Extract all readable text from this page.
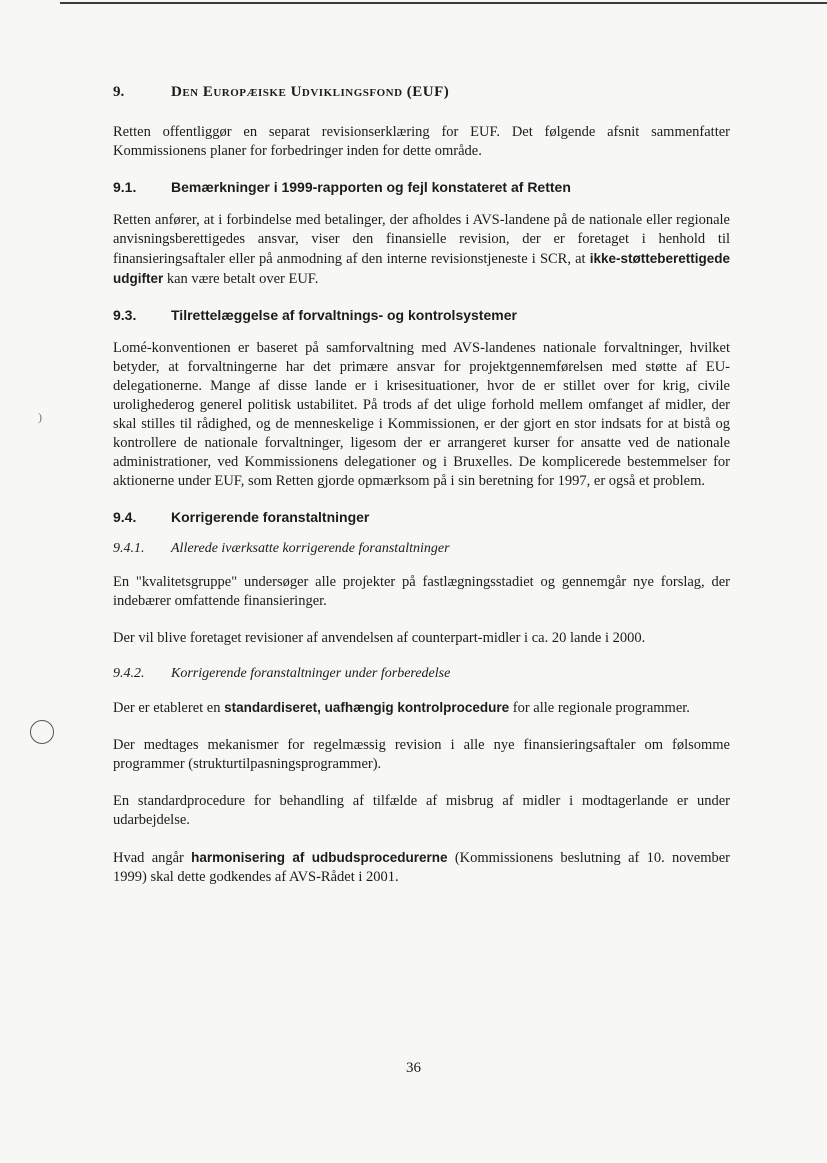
)
9.	Den Europæiske Udviklingsfond (EUF)

Retten offentliggør en separat revisionserklæring for EUF. Det følgende afsnit sammenfatter Kommissionens planer for forbedringer inden for dette område.

9.1.	Bemærkninger i 1999-rapporten og fejl konstateret af Retten

Retten anfører, at i forbindelse med betalinger, der afholdes i AVS-landene på de nationale eller regionale anvisningsberettigedes ansvar, viser den finansielle revision, der er foretaget i henhold til finansieringsaftaler eller på anmodning af den interne revisionstjeneste i SCR, at ikke-støtteberettigede udgifter kan være betalt over EUF.

9.3.	Tilrettelæggelse af forvaltnings- og kontrolsystemer

Lomé-konventionen er baseret på samforvaltning med AVS-landenes nationale forvaltninger, hvilket betyder, at forvaltningerne har det primære ansvar for projektgennemførelsen med støtte af EU-delegationerne. Mange af disse lande er i krisesituationer, hvor de er stillet over for krig, civile urolighederog generel politisk ustabilitet. På trods af det ulige forhold mellem omfanget af midler, der skal stilles til rådighed, og de menneskelige i Kommissionen, er der gjort en stor indsats for at bistå og kontrollere de nationale forvaltninger, ligesom der er arrangeret kurser for ansatte ved de nationale administrationer, ved Kommissionens delegationer og i Bruxelles. De komplicerede bestemmelser for aktionerne under EUF, som Retten gjorde opmærksom på i sin beretning for 1997, er også et problem.

9.4.	Korrigerende foranstaltninger
9.4.1.	Allerede iværksatte korrigerende foranstaltninger

En "kvalitetsgruppe" undersøger alle projekter på fastlægningsstadiet og gennemgår nye forslag, der indebærer omfattende finansieringer.

Der vil blive foretaget revisioner af anvendelsen af counterpart-midler i ca. 20 lande i 2000.

9.4.2.	Korrigerende foranstaltninger under forberedelse

Der er etableret en standardiseret, uafhængig kontrolprocedure for alle regionale programmer.

Der medtages mekanismer for regelmæssig revision i alle nye finansieringsaftaler om følsomme programmer (strukturtilpasningsprogrammer).

En standardprocedure for behandling af tilfælde af misbrug af midler i modtagerlande er under udarbejdelse.

Hvad angår harmonisering af udbudsprocedurerne (Kommissionens beslutning af 10. november 1999) skal dette godkendes af AVS-Rådet i 2001.

36
